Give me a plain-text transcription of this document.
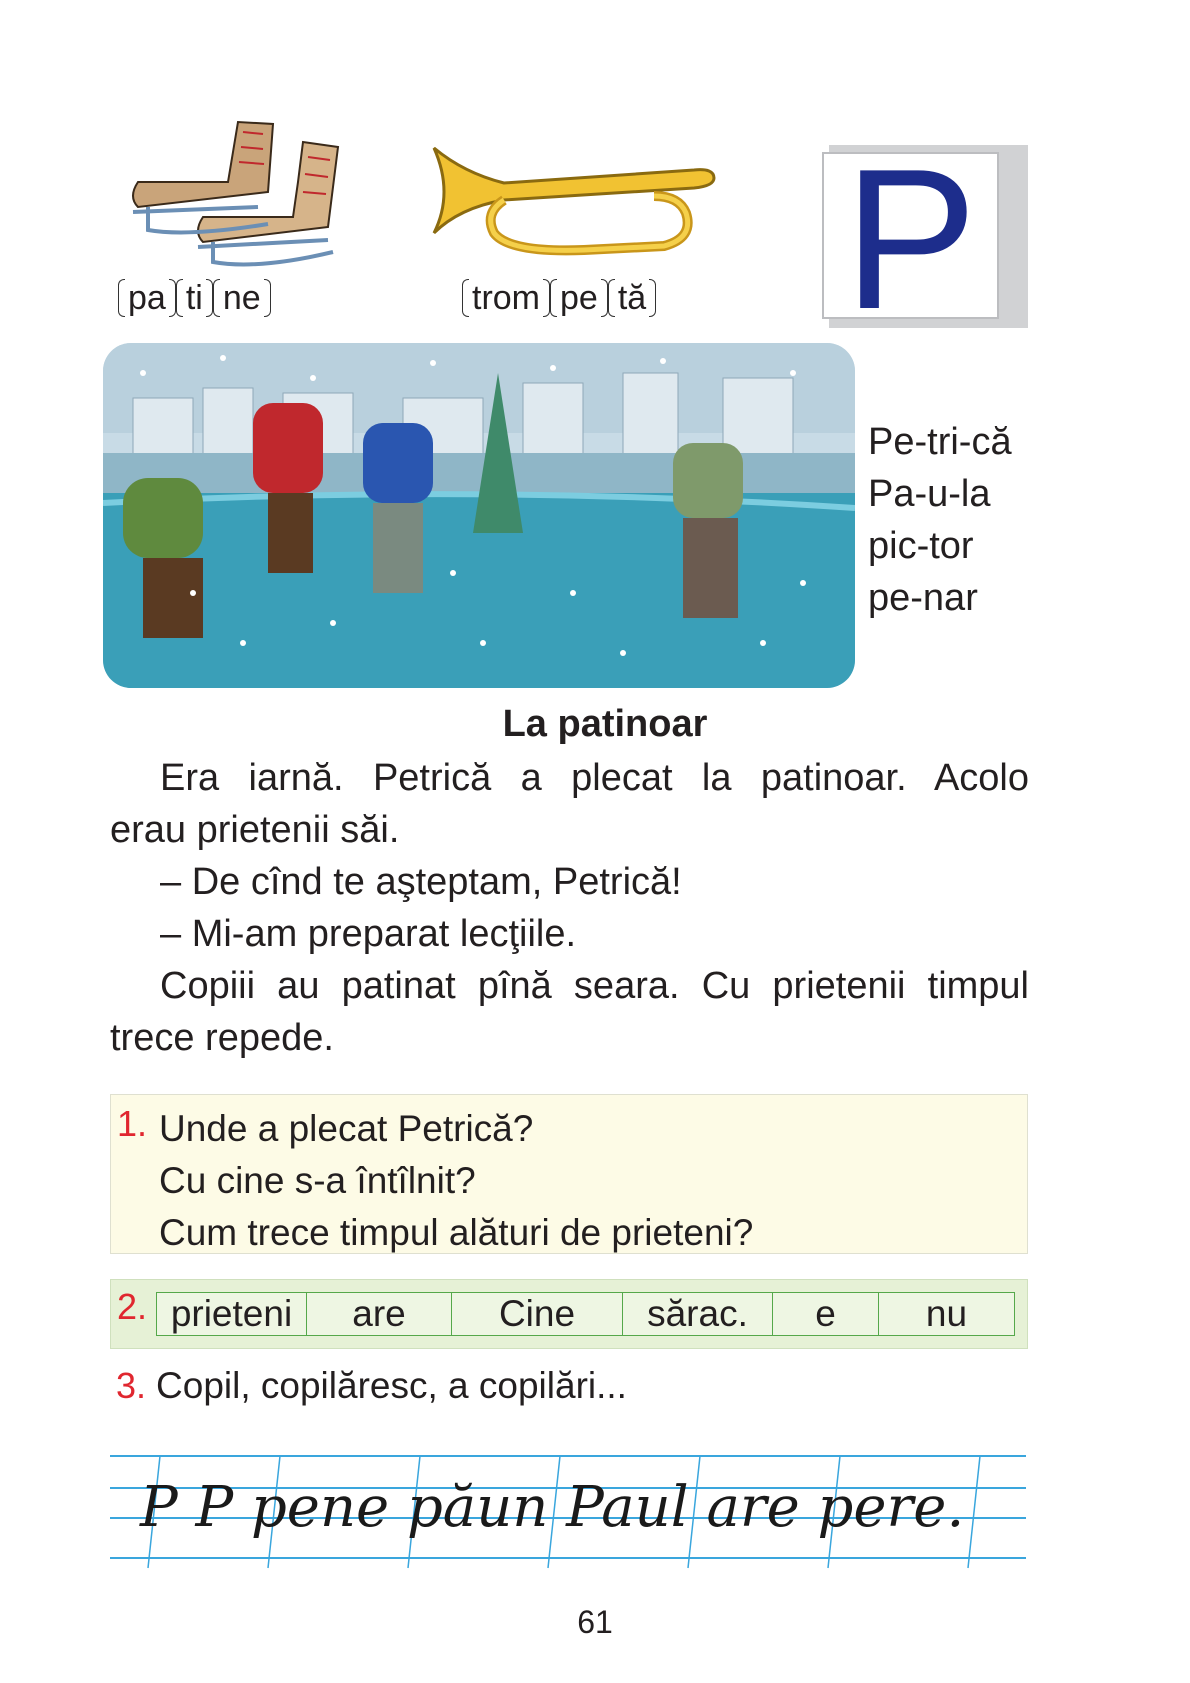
pa ti ne	trom pe tă P
Pe-tri-că
Pa-u-la
pic-tor
pe-nar
La patinoar

Era iarnă. Petrică a plecat la patinoar. Acolo

erau prietenii săi.

– De cînd te aşteptam, Petrică!

– Mi-am preparat lecţiile.

Copiii au patinat pînă seara. Cu prietenii timpul

trece repede.

1. Unde a plecat Petrică?
Cu cine s-a întîlnit?
Cum trece timpul alături de prieteni?
2. prieteni	are	Cine	sărac.	e	nu
3. Copil, copilăresc, a copilări...
P P pene păun Paul are pere.
61
